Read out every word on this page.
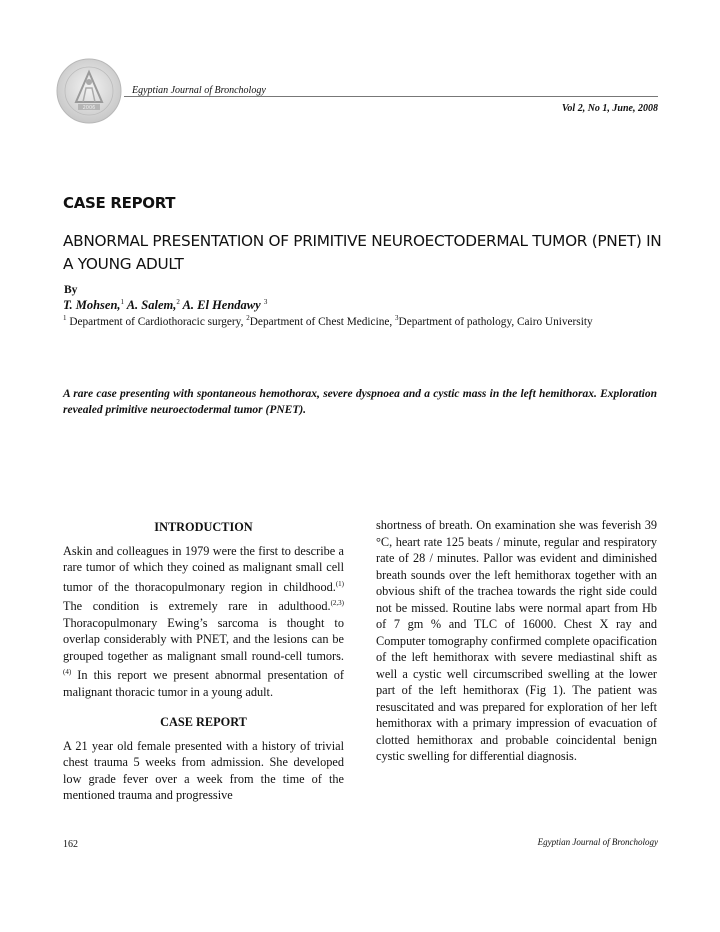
2006
Egyptian Journal of Bronchology
Vol 2, No 1, June, 2008
CASE REPORT
ABNORMAL PRESENTATION OF PRIMITIVE NEUROECTODERMAL TUMOR (PNET) IN A YOUNG ADULT
By
T. Mohsen,$^1$ A. Salem,$^2$ A. El Hendawy $^3$
$^1$ Department of Cardiothoracic surgery, $^2$Department of Chest Medicine, $^3$Department of pathology, Cairo University
A rare case presenting with spontaneous hemothorax, severe dyspnoea and a cystic mass in the left hemithorax. Exploration revealed primitive neuroectodermal tumor (PNET).
INTRODUCTION

Askin and colleagues in 1979 were the first to describe a rare tumor of which they coined as malignant small cell tumor of the thoracopulmonary region in childhood.$^{(1)}$ The condition is extremely rare in adulthood.$^{(2,3)}$ Thoracopulmonary Ewing’s sarcoma is thought to overlap considerably with PNET, and the lesions can be grouped together as malignant small round-cell tumors.$^{(4)}$ In this report we present abnormal presentation of malignant thoracic tumor in a young adult.

CASE REPORT

A 21 year old female presented with a history of trivial chest trauma 5 weeks from admission. She developed low grade fever over a week from the time of the mentioned trauma and progressive

shortness of breath. On examination she was feverish 39 °C, heart rate 125 beats / minute, regular and respiratory rate of 28 / minutes. Pallor was evident and diminished breath sounds over the left hemithorax together with an obvious shift of the trachea towards the right side could not be missed. Routine labs were normal apart from Hb of 7 gm % and TLC of 16000. Chest X ray and Computer tomography confirmed complete opacification of the left hemithorax with severe mediastinal shift as well a cystic well circumscribed swelling at the lower part of the left hemithorax (Fig 1). The patient was resuscitated and was prepared for exploration of her left hemithorax with a primary impression of evacuation of clotted hemithorax and probable coincidental benign cystic swelling for differential diagnosis.

162	Egyptian Journal of Bronchology
